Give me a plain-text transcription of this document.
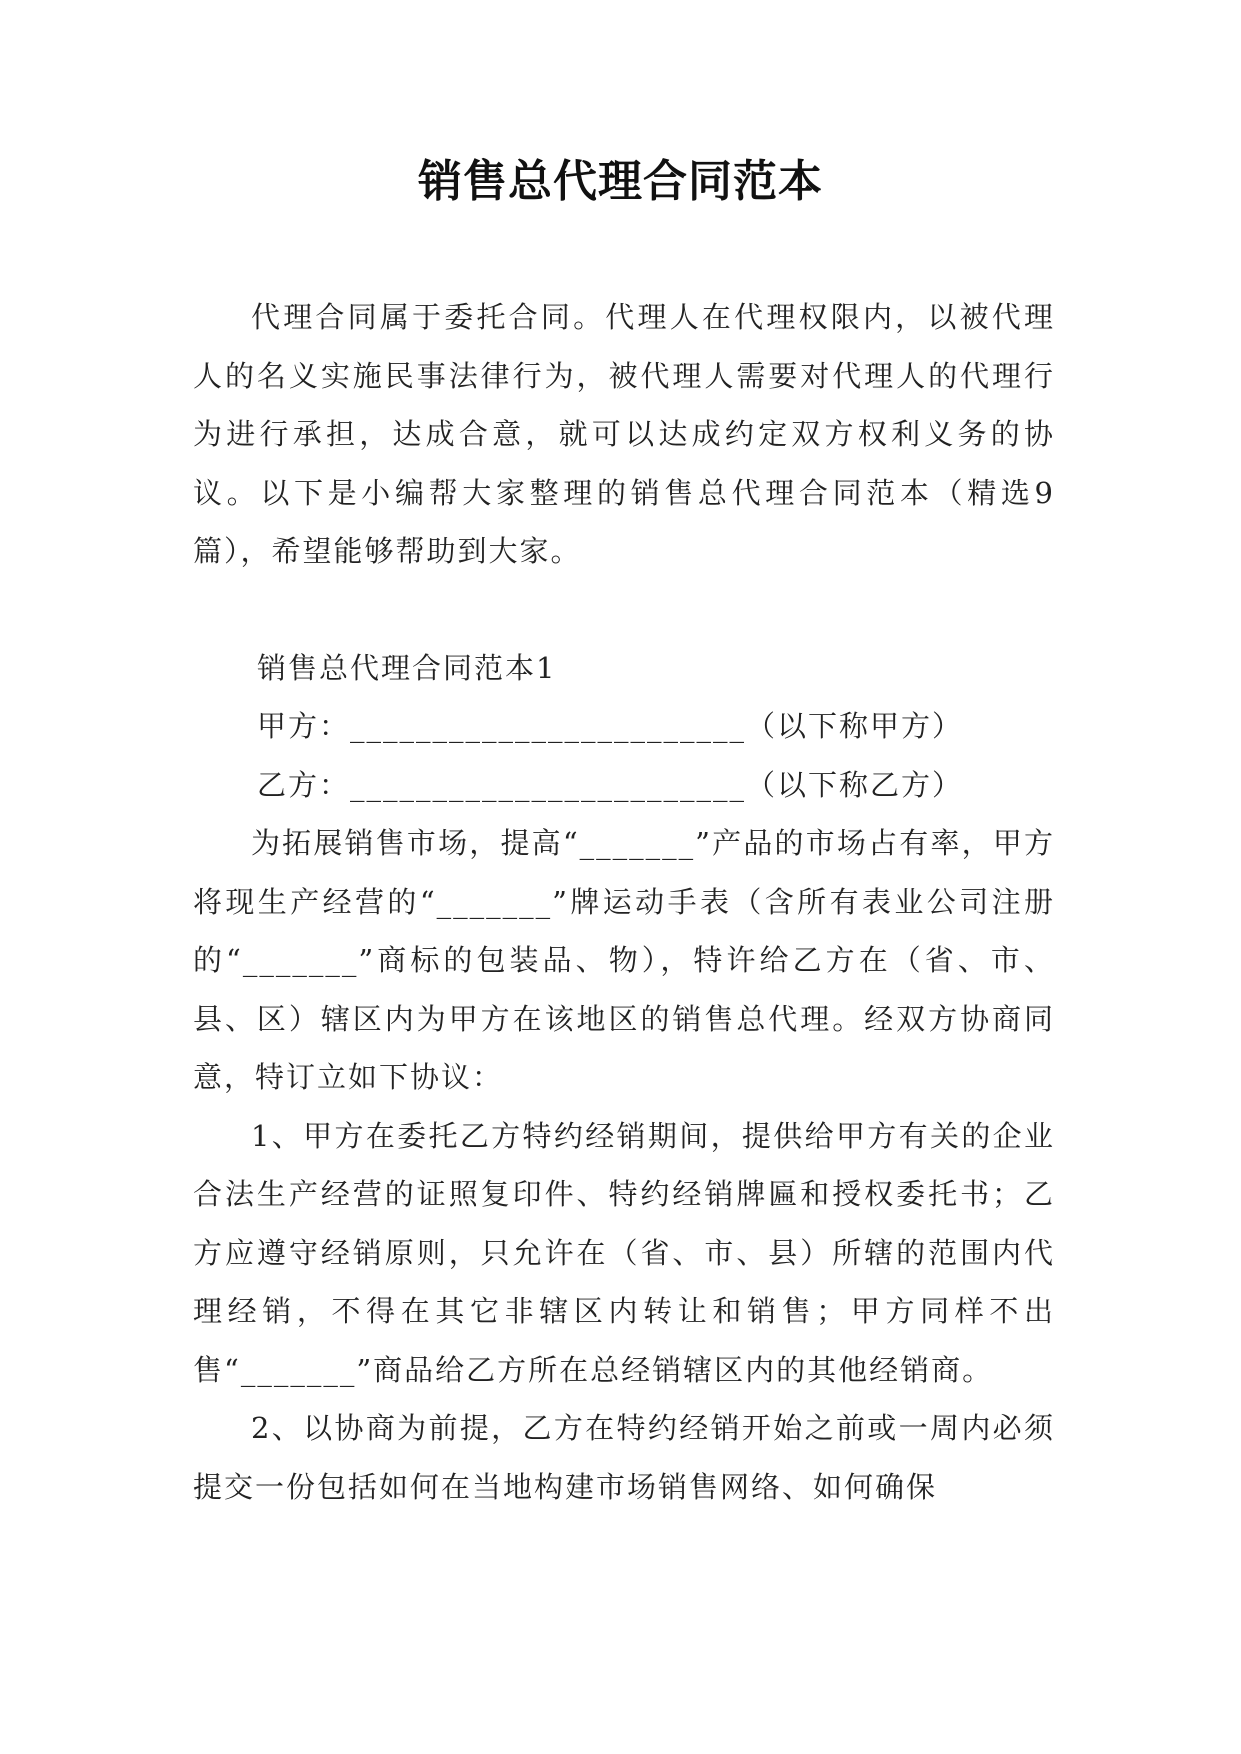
销售总代理合同范本

代理合同属于委托合同。代理人在代理权限内，以被代理人的名义实施民事法律行为，被代理人需要对代理人的代理行为进行承担，达成合意，就可以达成约定双方权利义务的协议。以下是小编帮大家整理的销售总代理合同范本（精选9篇），希望能够帮助到大家。

销售总代理合同范本1

甲方：________________________（以下称甲方）

乙方：________________________（以下称乙方）

为拓展销售市场，提高“_______”产品的市场占有率，甲方将现生产经营的“_______”牌运动手表（含所有表业公司注册的“_______”商标的包装品、物），特许给乙方在（省、市、县、区）辖区内为甲方在该地区的销售总代理。经双方协商同意，特订立如下协议：

1、甲方在委托乙方特约经销期间，提供给甲方有关的企业合法生产经营的证照复印件、特约经销牌匾和授权委托书；乙方应遵守经销原则，只允许在（省、市、县）所辖的范围内代理经销，不得在其它非辖区内转让和销售；甲方同样不出售“_______”商品给乙方所在总经销辖区内的其他经销商。

2、以协商为前提，乙方在特约经销开始之前或一周内必须提交一份包括如何在当地构建市场销售网络、如何确保
